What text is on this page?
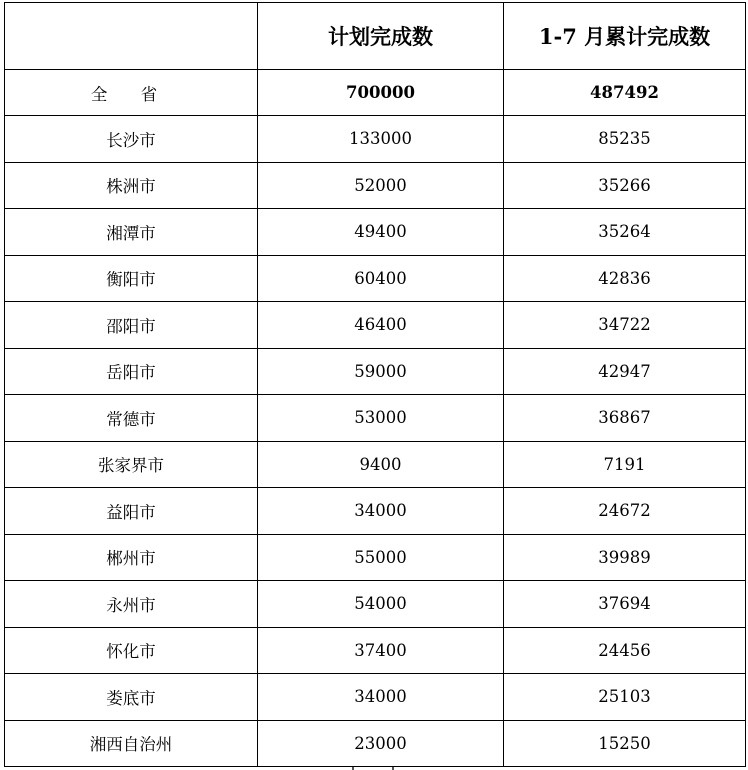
	计划完成数	1-7 月累计完成数
全 省	700000	487492
长沙市	133000	85235
株洲市	52000	35266
湘潭市	49400	35264
衡阳市	60400	42836
邵阳市	46400	34722
岳阳市	59000	42947
常德市	53000	36867
张家界市	9400	7191
益阳市	34000	24672
郴州市	55000	39989
永州市	54000	37694
怀化市	37400	24456
娄底市	34000	25103
湘西自治州	23000	15250
